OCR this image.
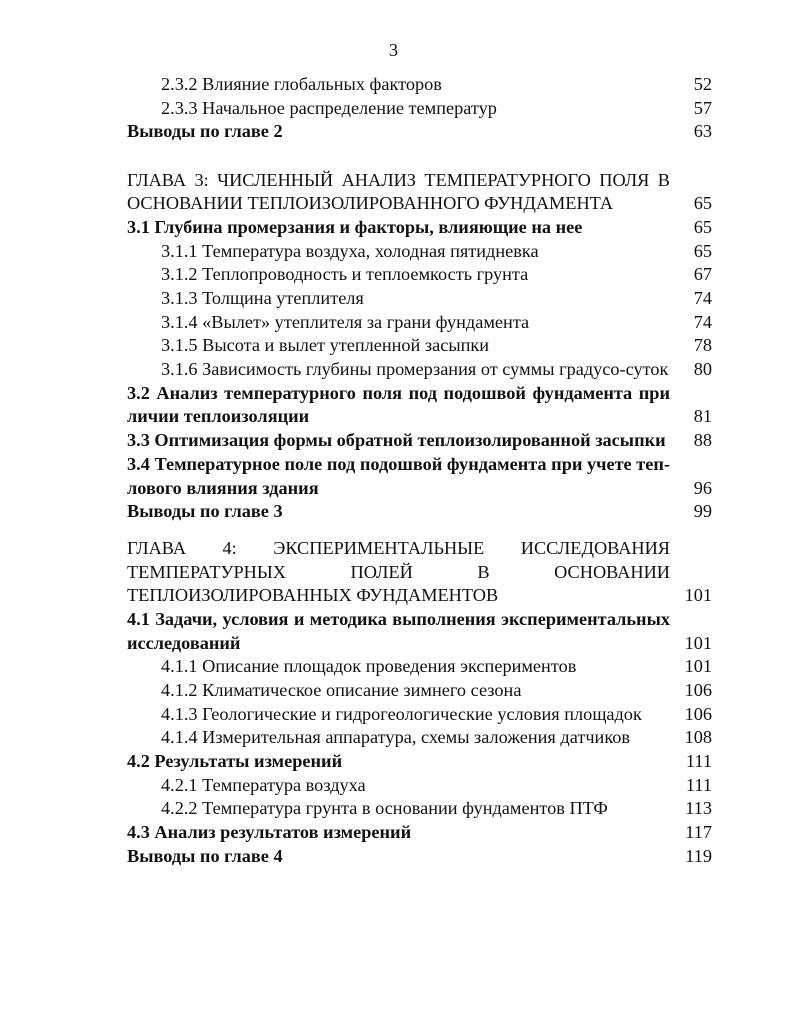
3
2.3.2 Влияние глобальных факторов	52
2.3.3 Начальное распределение температур	57
Выводы по главе 2	63
ГЛАВА 3: ЧИСЛЕННЫЙ АНАЛИЗ ТЕМПЕРАТУРНОГО ПОЛЯ В
ОСНОВАНИИ ТЕПЛОИЗОЛИРОВАННОГО ФУНДАМЕНТА	65
3.1 Глубина промерзания и факторы, влияющие на нее	65
3.1.1 Температура воздуха, холодная пятидневка	65
3.1.2 Теплопроводность и теплоемкость грунта	67
3.1.3 Толщина утеплителя	74
3.1.4 «Вылет» утеплителя за грани фундамента	74
3.1.5 Высота и вылет утепленной засыпки	78
3.1.6 Зависимость глубины промерзания от суммы градусо-суток 80
3.2 Анализ температурного поля под подошвой фундамента при
личии теплоизоляции	81
3.3 Оптимизация формы обратной теплоизолированной засыпки 88
3.4 Температурное поле под подошвой фундамента при учете теп-
лового влияния здания	96
Выводы по главе 3	99
ГЛАВА 4: ЭКСПЕРИМЕНТАЛЬНЫЕ ИССЛЕДОВАНИЯ
ТЕМПЕРАТУРНЫХ ПОЛЕЙ В ОСНОВАНИИ
ТЕПЛОИЗОЛИРОВАННЫХ ФУНДАМЕНТОВ	101
4.1 Задачи, условия и методика выполнения экспериментальных
исследований	101
4.1.1 Описание площадок проведения экспериментов	101
4.1.2 Климатическое описание зимнего сезона	106
4.1.3 Геологические и гидрогеологические условия площадок	106
4.1.4 Измерительная аппаратура, схемы заложения датчиков	108
4.2 Результаты измерений	111
4.2.1 Температура воздуха	111
4.2.2 Температура грунта в основании фундаментов ПТФ	113
4.3 Анализ результатов измерений	117
Выводы по главе 4	119
